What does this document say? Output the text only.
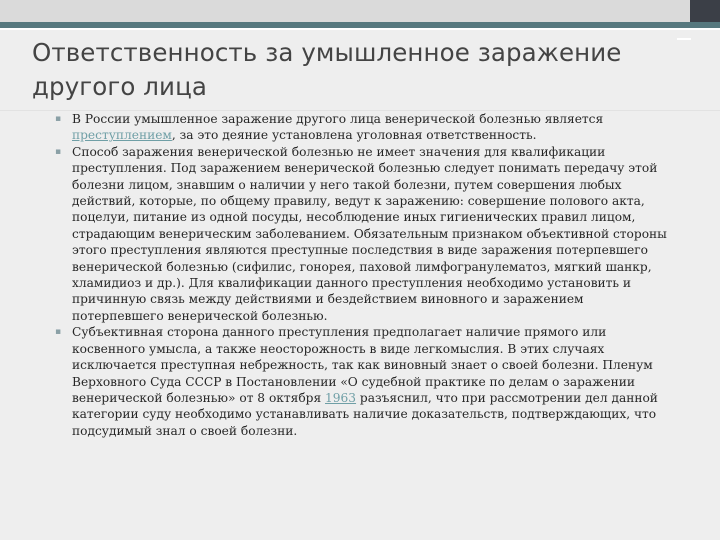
Ответственность за умышленное заражение другого лица
▪ В России умышленное заражение другого лица венерической болезнью является преступлением, за это деяние установлена уголовная ответственность.
▪ Способ заражения венерической болезнью не имеет значения для квалификации преступления. Под заражением венерической болезнью следует понимать передачу этой болезни лицом, знавшим о наличии у него такой болезни, путем совершения любых действий, которые, по общему правилу, ведут к заражению: совершение полового акта, поцелуи, питание из одной посуды, несоблюдение иных гигиенических правил лицом, страдающим венерическим заболеванием. Обязательным признаком объективной стороны этого преступления являются преступные последствия в виде заражения потерпевшего венерической болезнью (сифилис, гонорея, паховой лимфогранулематоз, мягкий шанкр, хламидиоз и др.). Для квалификации данного преступления необходимо установить и причинную связь между действиями и бездействием виновного и заражением потерпевшего венерической болезнью.
▪ Субъективная сторона данного преступления предполагает наличие прямого или косвенного умысла, а также неосторожность в виде легкомыслия. В этих случаях исключается преступная небрежность, так как виновный знает о своей болезни. Пленум Верховного Суда СССР в Постановлении «О судебной практике по делам о заражении венерической болезнью» от 8 октября 1963 разъяснил, что при рассмотрении дел данной категории суду необходимо устанавливать наличие доказательств, подтверждающих, что подсудимый знал о своей болезни.
